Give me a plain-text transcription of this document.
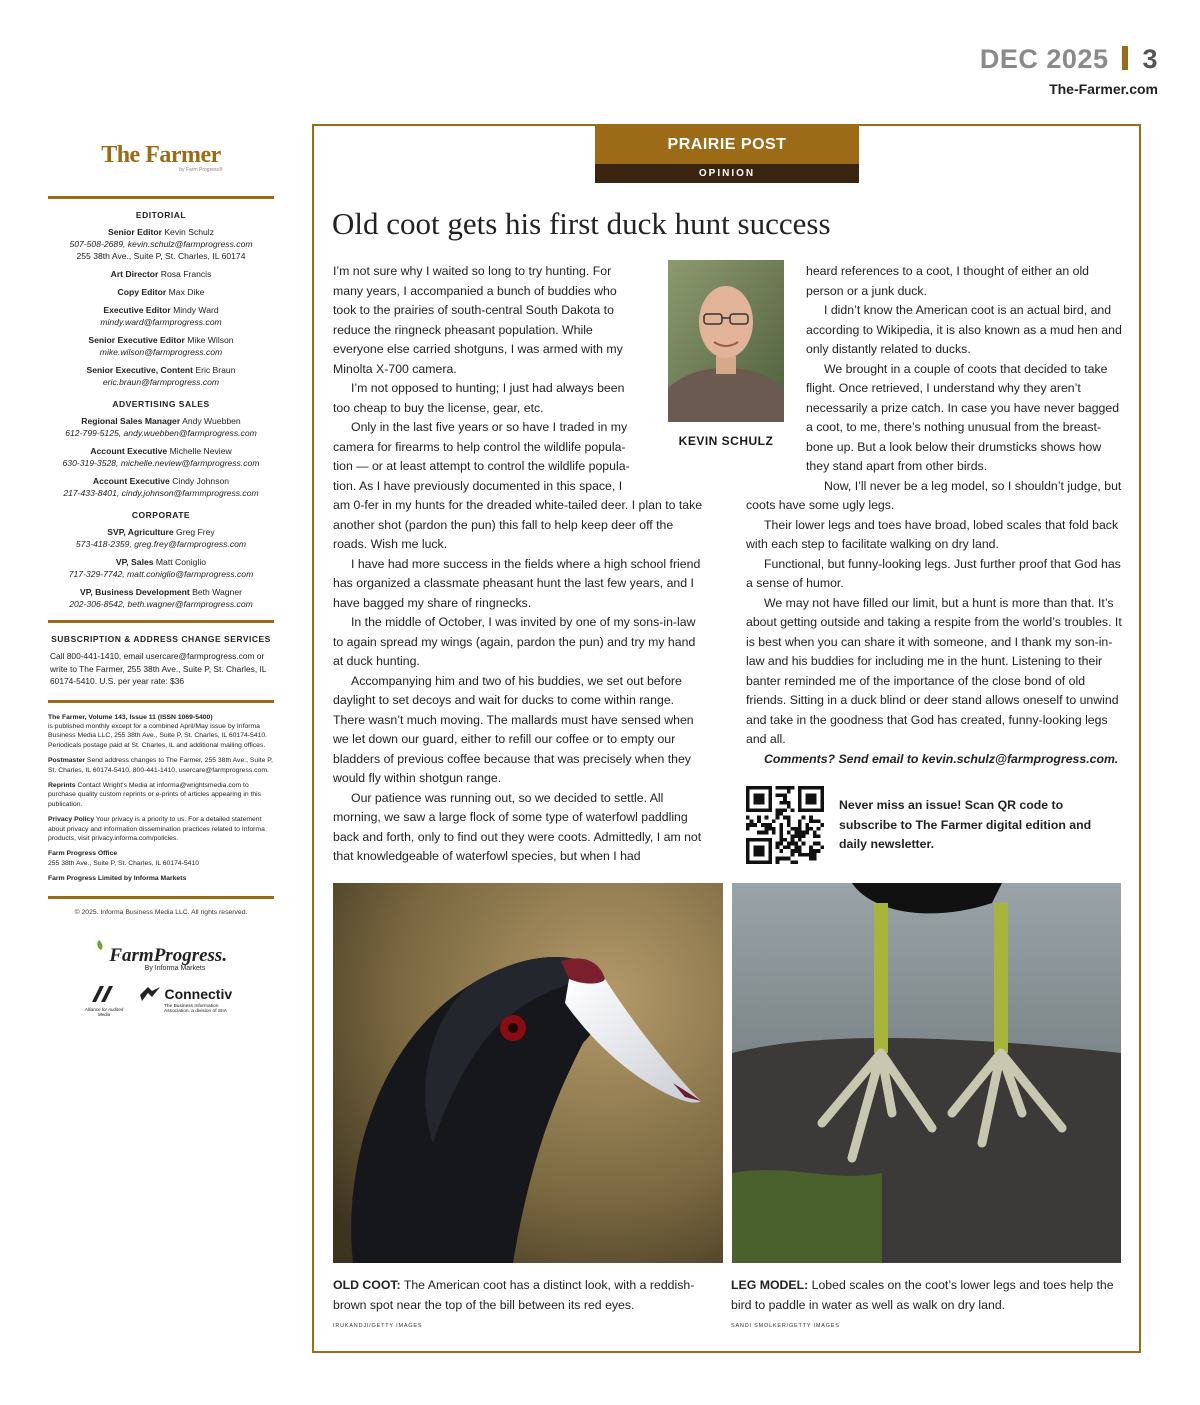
DEC 2025 3
The-Farmer.com
The Farmer
by Farm Progress®
EDITORIAL
Senior Editor Kevin Schulz
507-508-2689, kevin.schulz@farmprogress.com
255 38th Ave., Suite P, St. Charles, IL 60174
Art Director Rosa Francis
Copy Editor Max Dike
Executive Editor Mindy Ward
mindy.ward@farmprogress.com
Senior Executive Editor Mike Wilson
mike.wilson@farmprogress.com
Senior Executive, Content Eric Braun
eric.braun@farmprogress.com
ADVERTISING SALES
Regional Sales Manager Andy Wuebben
612-799-5125, andy.wuebben@farmprogress.com
Account Executive Michelle Neview
630-319-3528, michelle.neview@farmprogress.com
Account Executive Cindy Johnson
217-433-8401, cindy.johnson@farmmprogress.com
CORPORATE
SVP, Agriculture Greg Frey
573-418-2359, greg.frey@farmprogress.com
VP, Sales Matt Coniglio
717-329-7742, matt.coniglio@farmprogress.com
VP, Business Development Beth Wagner
202-306-8542, beth.wagner@farmprogress.com
SUBSCRIPTION & ADDRESS CHANGE SERVICES
Call 800-441-1410, email usercare@farmprogress.com or write to The Farmer, 255 38th Ave., Suite P, St. Charles, IL 60174-5410. U.S. per year rate: $36
The Farmer, Volume 143, Issue 11 (ISSN 1069-5400)
is published monthly except for a combined April/May issue by Informa Business Media LLC, 255 38th Ave., Suite P, St. Charles, IL 60174-5410. Periodicals postage paid at St. Charles, IL and additional mailing offices.
Postmaster Send address changes to The Farmer, 255 38th Ave., Suite P, St. Charles, IL 60174-5410, 800-441-1410, usercare@farmprogress.com.
Reprints Contact Wright's Media at informa@wrightsmedia.com to purchase quality custom reprints or e-prints of articles appearing in this publication.
Privacy Policy Your privacy is a priority to us. For a detailed statement about privacy and information dissemination practices related to Informa products, visit privacy.informa.com/policies.
Farm Progress Office
255 38th Ave., Suite P, St. Charles, IL 60174-5410
Farm Progress Limited by Informa Markets
© 2025. Informa Business Media LLC. All rights reserved.
FarmProgress.
By Informa Markets
Alliance for Audited Media
Connectiv
The Business Information Association, a division of SIIA
PRAIRIE POST
OPINION
Old coot gets his first duck hunt success
KEVIN SCHULZ

I’m not sure why I waited so long to try hunting. For many years, I accompanied a bunch of buddies who took to the prairies of south-central South Dakota to reduce the ringneck pheasant population. While everyone else carried shotguns, I was armed with my Minolta X-700 camera.

I’m not opposed to hunting; I just had always been too cheap to buy the license, gear, etc.

Only in the last five years or so have I traded in my camera for firearms to help control the wildlife popula-tion — or at least attempt to control the wildlife popula-tion. As I have previously documented in this space, I am 0-fer in my hunts for the dreaded white-tailed deer. I plan to take another shot (pardon the pun) this fall to help keep deer off the roads. Wish me luck.

I have had more success in the fields where a high school friend has organized a classmate pheasant hunt the last few years, and I have bagged my share of ringnecks.

In the middle of October, I was invited by one of my sons-in-law to again spread my wings (again, pardon the pun) and try my hand at duck hunting.

Accompanying him and two of his buddies, we set out before daylight to set decoys and wait for ducks to come within range. There wasn’t much moving. The mallards must have sensed when we let down our guard, either to refill our coffee or to empty our bladders of previous coffee because that was precisely when they would fly within shotgun range.

Our patience was running out, so we decided to settle. All morning, we saw a large flock of some type of waterfowl paddling back and forth, only to find out they were coots. Admittedly, I am not that knowledgeable of waterfowl species, but when I had

heard references to a coot, I thought of either an old person or a junk duck.

I didn’t know the American coot is an actual bird, and according to Wikipedia, it is also known as a mud hen and only distantly related to ducks.

We brought in a couple of coots that decided to take flight. Once retrieved, I understand why they aren’t necessarily a prize catch. In case you have never bagged a coot, to me, there’s nothing unusual from the breast-bone up. But a look below their drumsticks shows how they stand apart from other birds.

Now, I’ll never be a leg model, so I shouldn’t judge, but coots have some ugly legs.

Their lower legs and toes have broad, lobed scales that fold back with each step to facilitate walking on dry land.

Functional, but funny-looking legs. Just further proof that God has a sense of humor.

We may not have filled our limit, but a hunt is more than that. It’s about getting outside and taking a respite from the world’s troubles. It is best when you can share it with someone, and I thank my son-in-law and his buddies for including me in the hunt. Listening to their banter reminded me of the importance of the close bond of old friends. Sitting in a duck blind or deer stand allows oneself to unwind and take in the goodness that God has created, funny-looking legs and all.

Comments? Send email to kevin.schulz@farmprogress.com.

Never miss an issue! Scan QR code to subscribe to The Farmer digital edition and daily newsletter.
OLD COOT: The American coot has a distinct look, with a reddish-brown spot near the top of the bill between its red eyes.
IRUKANDJI/GETTY IMAGES
LEG MODEL: Lobed scales on the coot’s lower legs and toes help the bird to paddle in water as well as walk on dry land.
SANDI SMOLKER/GETTY IMAGES
